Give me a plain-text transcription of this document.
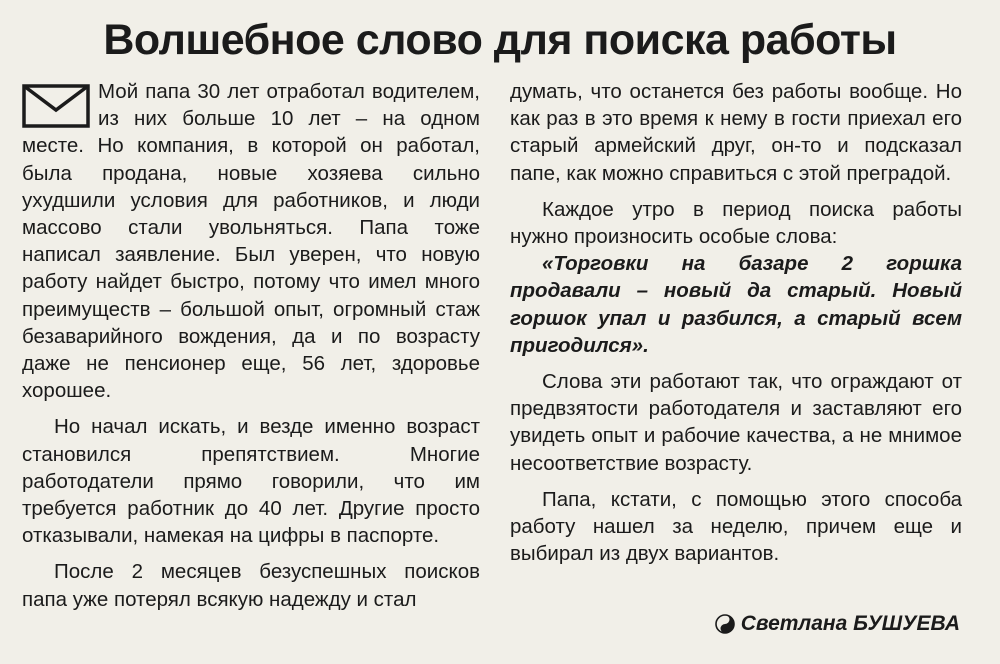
Волшебное слово для поиска работы

Мой папа 30 лет отработал водителем, из них больше 10 лет – на одном месте. Но компания, в которой он работал, была продана, новые хозяева сильно ухудшили условия для работников, и люди массово стали увольняться. Папа тоже написал заявление. Был уверен, что новую работу найдет быстро, потому что имел много преимуществ – большой опыт, огромный стаж безаварийного вождения, да и по возрасту даже не пенсионер еще, 56 лет, здоровье хорошее.

Но начал искать, и везде именно возраст становился препятствием. Многие работодатели прямо говорили, что им требуется работник до 40 лет. Другие просто отказывали, намекая на цифры в паспорте.

После 2 месяцев безуспешных поисков папа уже потерял всякую надежду и стал

думать, что останется без работы вообще. Но как раз в это время к нему в гости приехал его старый армейский друг, он-то и подсказал папе, как можно справиться с этой преградой.

Каждое утро в период поиска работы нужно произносить особые слова:

«Торговки на базаре 2 горшка продавали – новый да старый. Новый горшок упал и разбился, а старый всем пригодился».

Слова эти работают так, что ограждают от предвзятости работодателя и заставляют его увидеть опыт и рабочие качества, а не мнимое несоответствие возрасту.

Папа, кстати, с помощью этого способа работу нашел за неделю, причем еще и выбирал из двух вариантов.

Светлана БУШУЕВА
